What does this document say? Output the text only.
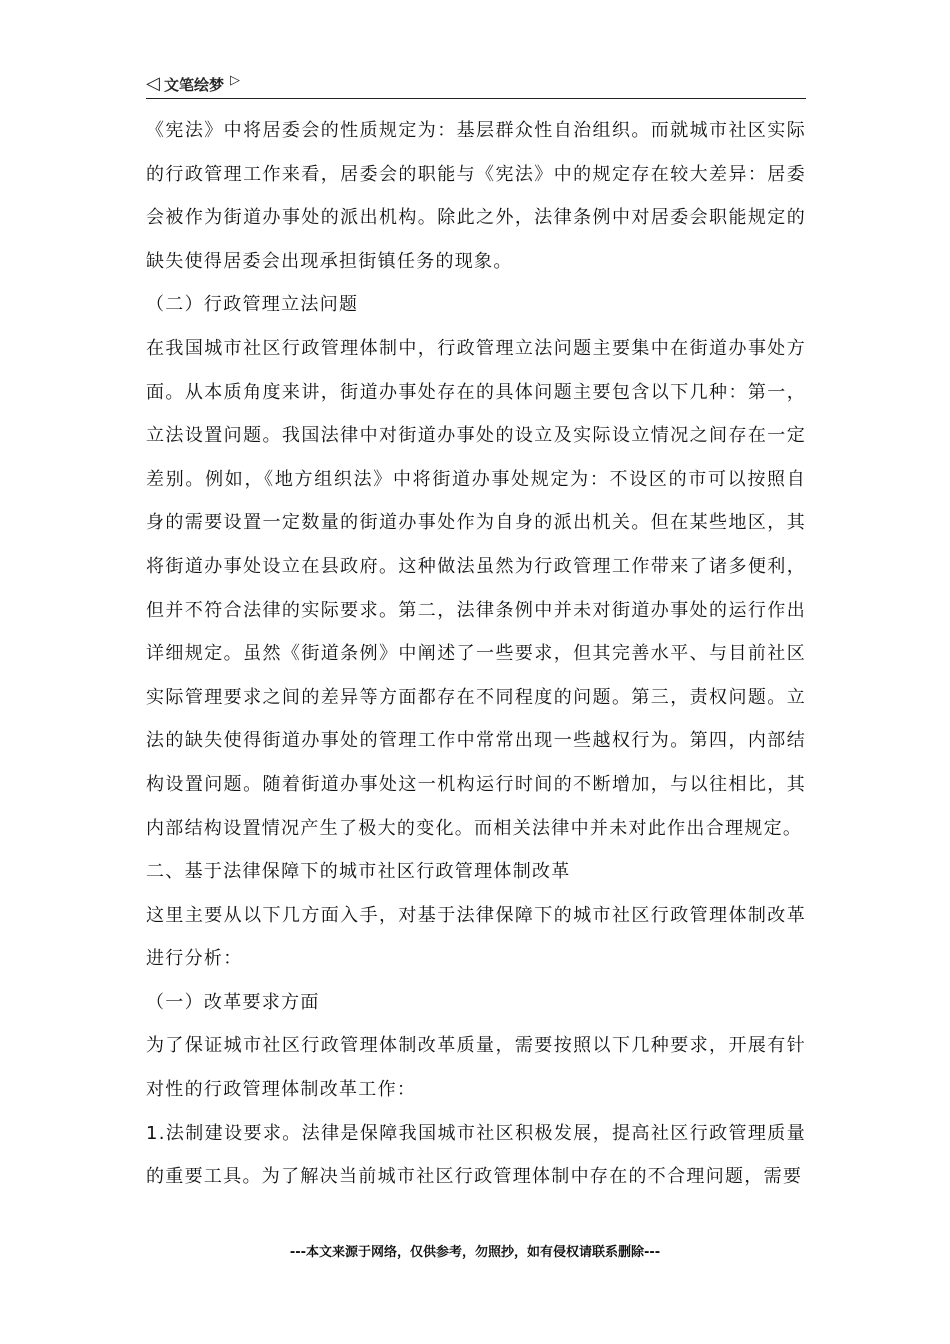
◁ 文笔绘梦 ▷

《宪法》中将居委会的性质规定为：基层群众性自治组织。而就城市社区实际的行政管理工作来看，居委会的职能与《宪法》中的规定存在较大差异：居委会被作为街道办事处的派出机构。除此之外，法律条例中对居委会职能规定的缺失使得居委会出现承担街镇任务的现象。

（二）行政管理立法问题

在我国城市社区行政管理体制中，行政管理立法问题主要集中在街道办事处方面。从本质角度来讲，街道办事处存在的具体问题主要包含以下几种：第一，立法设置问题。我国法律中对街道办事处的设立及实际设立情况之间存在一定差别。例如，《地方组织法》中将街道办事处规定为：不设区的市可以按照自身的需要设置一定数量的街道办事处作为自身的派出机关。但在某些地区，其将街道办事处设立在县政府。这种做法虽然为行政管理工作带来了诸多便利，但并不符合法律的实际要求。第二，法律条例中并未对街道办事处的运行作出详细规定。虽然《街道条例》中阐述了一些要求，但其完善水平、与目前社区实际管理要求之间的差异等方面都存在不同程度的问题。第三，责权问题。立法的缺失使得街道办事处的管理工作中常常出现一些越权行为。第四，内部结构设置问题。随着街道办事处这一机构运行时间的不断增加，与以往相比，其内部结构设置情况产生了极大的变化。而相关法律中并未对此作出合理规定。

二、基于法律保障下的城市社区行政管理体制改革

这里主要从以下几方面入手，对基于法律保障下的城市社区行政管理体制改革进行分析：

（一）改革要求方面

为了保证城市社区行政管理体制改革质量，需要按照以下几种要求，开展有针对性的行政管理体制改革工作：

1.法制建设要求。法律是保障我国城市社区积极发展，提高社区行政管理质量的重要工具。为了解决当前城市社区行政管理体制中存在的不合理问题，需要

---本文来源于网络，仅供参考，勿照抄，如有侵权请联系删除---
